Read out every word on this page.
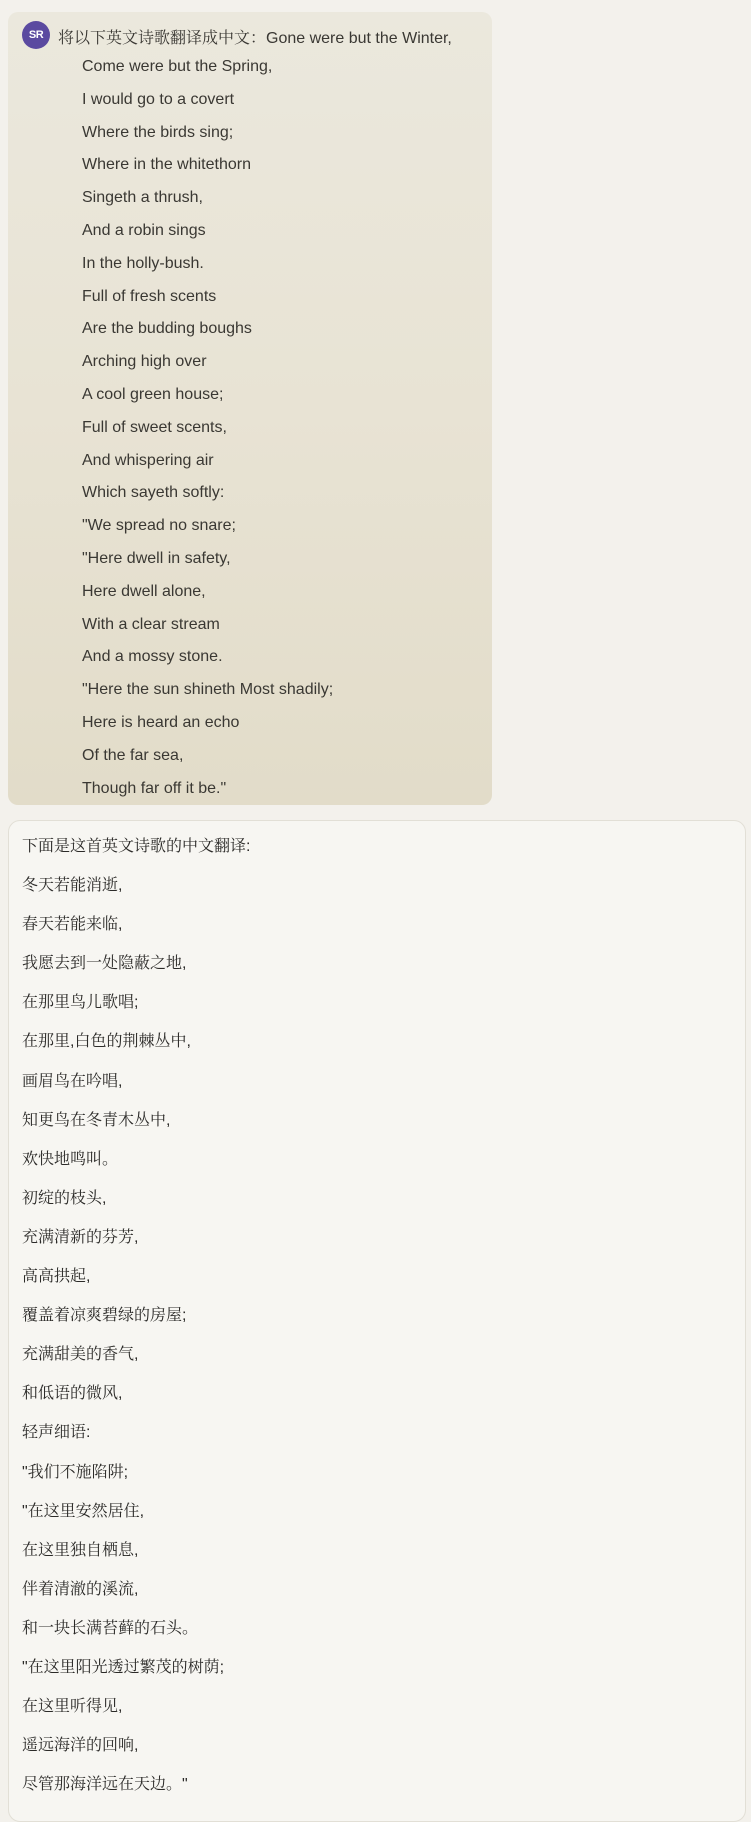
SR 将以下英文诗歌翻译成中文：Gone were but the Winter,
Come were but the Spring,
I would go to a covert
Where the birds sing;
Where in the whitethorn
Singeth a thrush,
And a robin sings
In the holly-bush.
Full of fresh scents
Are the budding boughs
Arching high over
A cool green house;
Full of sweet scents,
And whispering air
Which sayeth softly:
"We spread no snare;
"Here dwell in safety,
Here dwell alone,
With a clear stream
And a mossy stone.
"Here the sun shineth Most shadily;
Here is heard an echo
Of the far sea,
Though far off it be."
下面是这首英文诗歌的中文翻译:
冬天若能消逝,
春天若能来临,
我愿去到一处隐蔽之地,
在那里鸟儿歌唱;
在那里,白色的荆棘丛中,
画眉鸟在吟唱,
知更鸟在冬青木丛中,
欢快地鸣叫。
初绽的枝头,
充满清新的芬芳,
高高拱起,
覆盖着凉爽碧绿的房屋;
充满甜美的香气,
和低语的微风,
轻声细语:
"我们不施陷阱;
"在这里安然居住,
在这里独自栖息,
伴着清澈的溪流,
和一块长满苔藓的石头。
"在这里阳光透过繁茂的树荫;
在这里听得见,
遥远海洋的回响,
尽管那海洋远在天边。"
